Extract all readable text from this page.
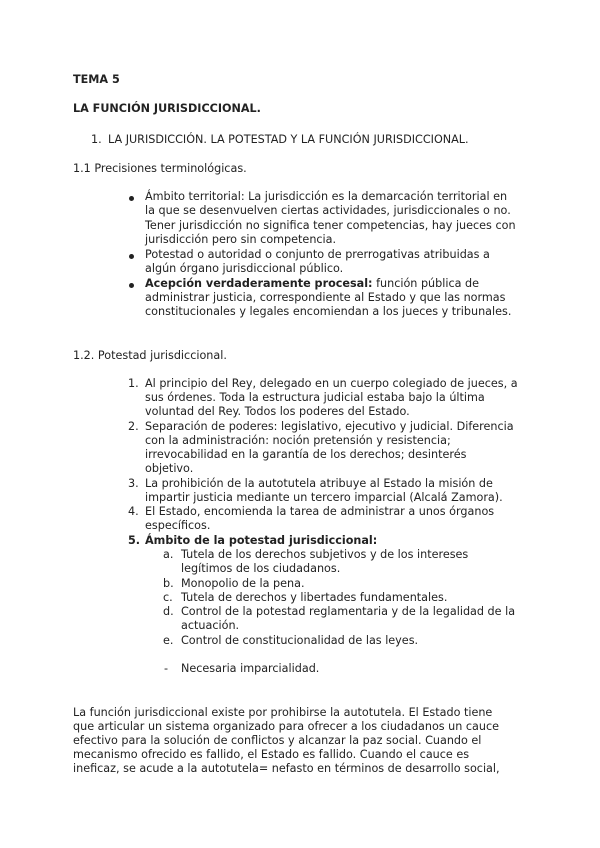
TEMA 5
LA FUNCIÓN JURISDICCIONAL.
1. LA JURISDICCIÓN. LA POTESTAD Y LA FUNCIÓN JURISDICCIONAL.
1.1 Precisiones terminológicas.
Ámbito territorial: La jurisdicción es la demarcación territorial en
la que se desenvuelven ciertas actividades, jurisdiccionales o no.
Tener jurisdicción no significa tener competencias, hay jueces con
jurisdicción pero sin competencia.
Potestad o autoridad o conjunto de prerrogativas atribuidas a
algún órgano jurisdiccional público.
Acepción verdaderamente procesal: función pública de
administrar justicia, correspondiente al Estado y que las normas
constitucionales y legales encomiendan a los jueces y tribunales.
1.2. Potestad jurisdiccional.
1. Al principio del Rey, delegado en un cuerpo colegiado de jueces, a
sus órdenes. Toda la estructura judicial estaba bajo la última
voluntad del Rey. Todos los poderes del Estado.
2. Separación de poderes: legislativo, ejecutivo y judicial. Diferencia
con la administración: noción pretensión y resistencia;
irrevocabilidad en la garantía de los derechos; desinterés
objetivo.
3. La prohibición de la autotutela atribuye al Estado la misión de
impartir justicia mediante un tercero imparcial (Alcalá Zamora).
4. El Estado, encomienda la tarea de administrar a unos órganos
específicos.
5. Ámbito de la potestad jurisdiccional:
a. Tutela de los derechos subjetivos y de los intereses
legítimos de los ciudadanos.
b. Monopolio de la pena.
c. Tutela de derechos y libertades fundamentales.
d. Control de la potestad reglamentaria y de la legalidad de la
actuación.
e. Control de constitucionalidad de las leyes.
- Necesaria imparcialidad.
La función jurisdiccional existe por prohibirse la autotutela. El Estado tiene
que articular un sistema organizado para ofrecer a los ciudadanos un cauce
efectivo para la solución de conflictos y alcanzar la paz social. Cuando el
mecanismo ofrecido es fallido, el Estado es fallido. Cuando el cauce es
ineficaz, se acude a la autotutela= nefasto en términos de desarrollo social,
